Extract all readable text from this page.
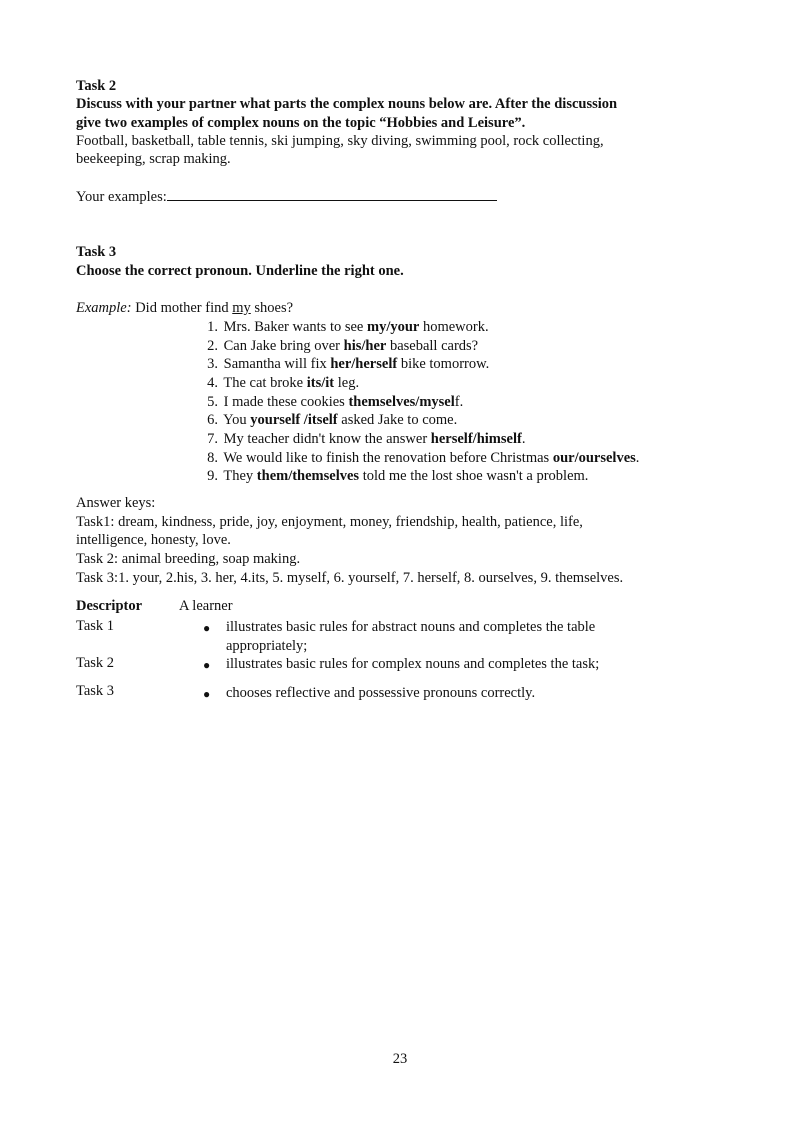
Task 2
Discuss with your partner what parts the complex nouns below are. After the discussion
give two examples of complex nouns on the topic “Hobbies and Leisure”.
Football, basketball, table tennis, ski jumping, sky diving, swimming pool, rock collecting,
beekeeping, scrap making.
Your examples:
Task 3
Choose the correct pronoun. Underline the right one.
Example: Did mother find my shoes?
1. Mrs. Baker wants to see my/your homework.
2. Can Jake bring over his/her baseball cards?
3. Samantha will fix her/herself bike tomorrow.
4. The cat broke its/it leg.
5. I made these cookies themselves/myself.
6. You yourself /itself asked Jake to come.
7. My teacher didn't know the answer herself/himself.
8. We would like to finish the renovation before Christmas our/ourselves.
9. They them/themselves told me the lost shoe wasn't a problem.
Answer keys:
Task1: dream, kindness, pride, joy, enjoyment, money, friendship, health, patience, life,
intelligence, honesty, love.
Task 2: animal breeding, soap making.
Task 3:1. your, 2.his, 3. her, 4.its, 5. myself, 6. yourself, 7. herself, 8. ourselves, 9. themselves.
Descriptor	A learner
Task 1	● illustrates basic rules for abstract nouns and completes the table
appropriately;
Task 2	● illustrates basic rules for complex nouns and completes the task;
Task 3	● chooses reflective and possessive pronouns correctly.
23
